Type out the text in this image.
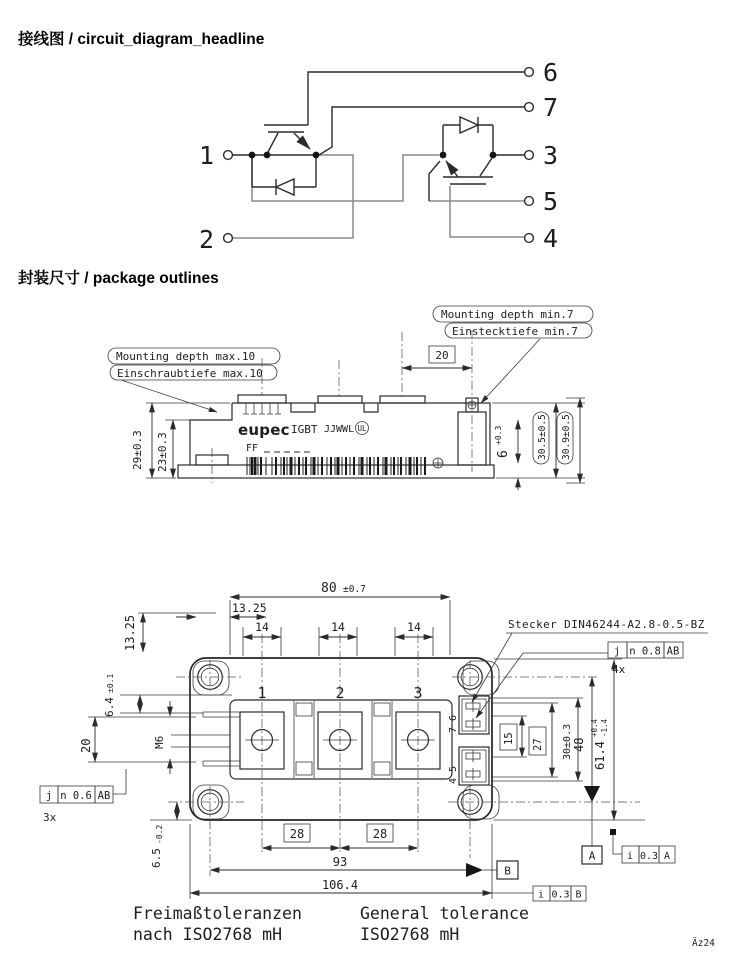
接线图 / circuit_diagram_headline
1
2
6
7
3
5
4
封装尺寸 / package outlines
Mounting depth max.10
Einschraubtiefe max.10
Mounting depth min.7
Einstecktiefe min.7
20
eupec IGBT JJWWL UL
FF
29±0.3 23±0.3	6
+0.3	30.5±0.5 30.9±0.5
7 6
4 5
1	2	3
80 ±0.7
13.25
14	14	14	Stecker DIN46244-A2.8-0.5-BZ
j n 0.8 AB
4x
13.25
6.4
±0.1
20	M6
j n 0.6 AB
3x
6.5
-0.2
15 27 30±0.3
A
48 61.4
+0.4 -1.4
i 0.3 A
28	28
B
93
106.4
i 0.3 B
Freimaßtoleranzen
nach ISO2768 mH
General tolerance
ISO2768 mH	Äz24
